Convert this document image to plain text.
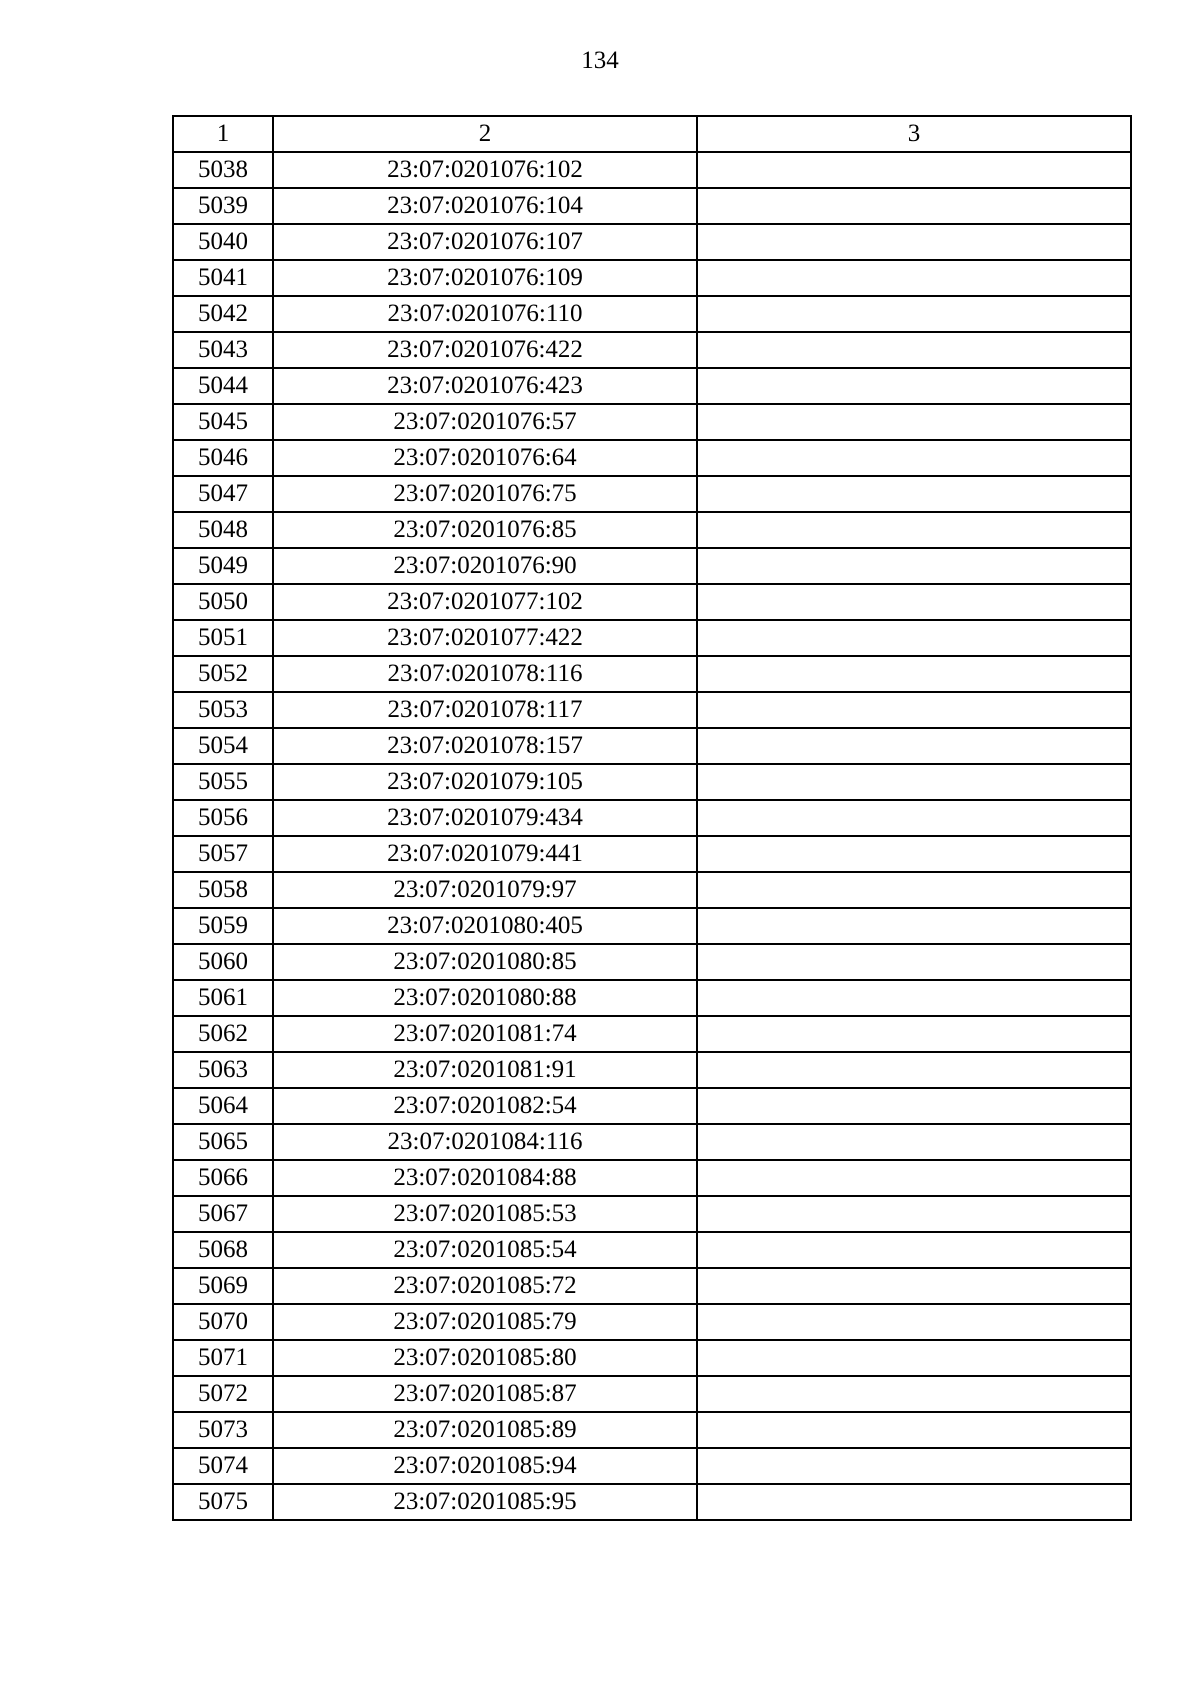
134
1	2	3
5038	23:07:0201076:102	
5039	23:07:0201076:104	
5040	23:07:0201076:107	
5041	23:07:0201076:109	
5042	23:07:0201076:110	
5043	23:07:0201076:422	
5044	23:07:0201076:423	
5045	23:07:0201076:57	
5046	23:07:0201076:64	
5047	23:07:0201076:75	
5048	23:07:0201076:85	
5049	23:07:0201076:90	
5050	23:07:0201077:102	
5051	23:07:0201077:422	
5052	23:07:0201078:116	
5053	23:07:0201078:117	
5054	23:07:0201078:157	
5055	23:07:0201079:105	
5056	23:07:0201079:434	
5057	23:07:0201079:441	
5058	23:07:0201079:97	
5059	23:07:0201080:405	
5060	23:07:0201080:85	
5061	23:07:0201080:88	
5062	23:07:0201081:74	
5063	23:07:0201081:91	
5064	23:07:0201082:54	
5065	23:07:0201084:116	
5066	23:07:0201084:88	
5067	23:07:0201085:53	
5068	23:07:0201085:54	
5069	23:07:0201085:72	
5070	23:07:0201085:79	
5071	23:07:0201085:80	
5072	23:07:0201085:87	
5073	23:07:0201085:89	
5074	23:07:0201085:94	
5075	23:07:0201085:95	
